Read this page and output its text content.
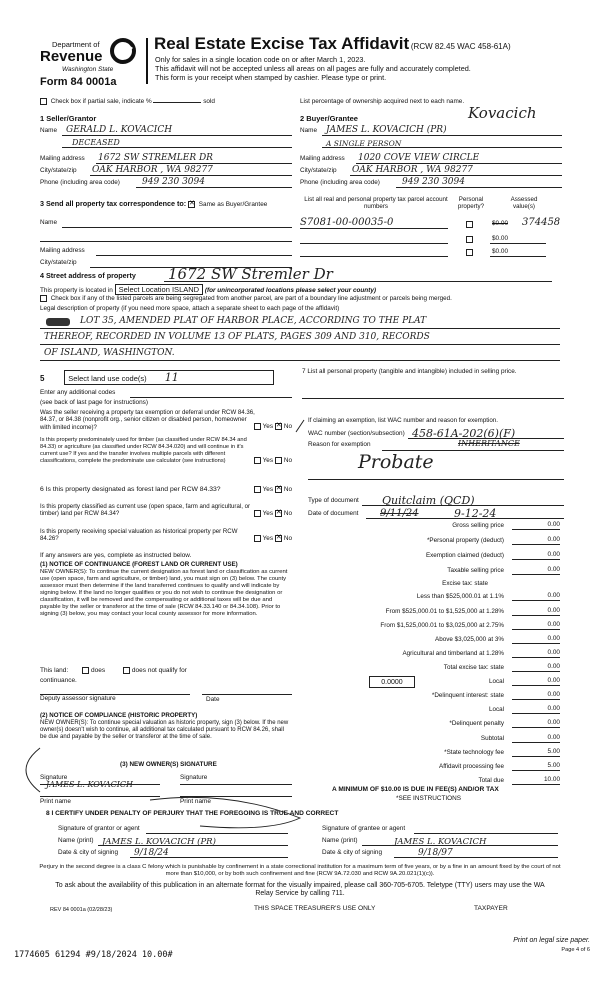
Department of
Revenue
Washington State
Form 84 0001a
Real Estate Excise Tax Affidavit (RCW 82.45 WAC 458-61A)
Only for sales in a single location code on or after March 1, 2023.
This affidavit will not be accepted unless all areas on all pages are fully and accurately completed.
This form is your receipt when stamped by cashier. Please type or print.
Check box if partial sale, indicate %	sold	List percentage of ownership acquired next to each name.
1 Seller/Grantor
Name GERALD L. KOVACICH
DECEASED
Mailing address 1672 SW STREMLER DR
City/state/zip OAK HARBOR , WA 98277
Phone (including area code) 949 230 3094
Kovacich
2 Buyer/Grantee
Name JAMES L. KOVACICH (PR)
A SINGLE PERSON
Mailing address 1020 COVE VIEW CIRCLE
City/state/zip OAK HARBOR , WA 98277
Phone (including area code) 949 230 3094
3 Send all property tax correspondence to: ✕ Same as Buyer/Grantee
Name
Mailing address
City/state/zip
List all real and personal property tax parcel account numbers
Personal property?
Assessed value(s)
S7081-00-00035-0	$0.00 374458
$0.00
$0.00
4 Street address of property 1672 SW Stremler Dr
This property is located in Select Location ISLAND (for unincorporated locations please select your county)
Check box if any of the listed parcels are being segregated from another parcel, are part of a boundary line adjustment or parcels being merged.
Legal description of property (if you need more space, attach a separate sheet to each page of the affidavit)
LOT 35, AMENDED PLAT OF HARBOR PLACE, ACCORDING TO THE PLAT
THEREOF, RECORDED IN VOLUME 13 OF PLATS, PAGES 309 AND 310, RECORDS
OF ISLAND, WASHINGTON.
5	Select land use code(s) 11
Enter any additional codes
(see back of last page for instructions)
Was the seller receiving a property tax exemption or deferral under RCW 84.36, 84.37, or 84.38 (nonprofit org., senior citizen or disabled person, homeowner with limited income)?	Yes ✕ No
Is this property predominately used for timber (as classified under RCW 84.34 and 84.33) or agriculture (as classified under RCW 84.34.020) and will continue in it's current use? If yes and the transfer involves multiple parcels with different classifications, complete the predominate use calculator (see instructions)	Yes No
6 Is this property designated as forest land per RCW 84.33?	Yes ✕ No
Is this property classified as current use (open space, farm and agricultural, or timber) land per RCW 84.34?	Yes ✕ No
Is this property receiving special valuation as historical property per RCW 84.26?	Yes ✕ No
If any answers are yes, complete as instructed below.
(1) NOTICE OF CONTINUANCE (FOREST LAND OR CURRENT USE)
NEW OWNER(S): To continue the current designation as forest land or classification as current use (open space, farm and agriculture, or timber) land, you must sign on (3) below. The county assessor must then determine if the land transferred continues to qualify and will indicate by signing below. If the land no longer qualifies or you do not wish to continue the designation or classification, it will be removed and the compensating or additional taxes will be due and payable by the seller or transferor at the time of sale (RCW 84.33.140 or 84.34.108). Prior to signing (3) below, you may contact your local county assessor for more information.
This land:	does	does not qualify for
continuance.
Deputy assessor signature	Date
(2) NOTICE OF COMPLIANCE (HISTORIC PROPERTY)
NEW OWNER(S): To continue special valuation as historic property, sign (3) below. If the new owner(s) doesn't wish to continue, all additional tax calculated pursuant to RCW 84.26, shall be due and payable by the seller or transferor at the time of sale.
(3) NEW OWNER(S) SIGNATURE
JAMES L. KOVACICH
Signature	Signature
Print name	Print name
7 List all personal property (tangible and intangible) included in selling price.
If claiming an exemption, list WAC number and reason for exemption.
WAC number (section/subsection) 458-61A-202(6)(F)
Reason for exemption	INHERITANCE
Probate
Type of document Quitclaim (QCD)
Date of document 9/11/24	9-12-24
Gross selling price	0.00
*Personal property (deduct)	0.00
Exemption claimed (deduct)	0.00
Taxable selling price	0.00
Excise tax: state
Less than $525,000.01 at 1.1%	0.00
From $525,000.01 to $1,525,000 at 1.28%	0.00
From $1,525,000.01 to $3,025,000 at 2.75%	0.00
Above $3,025,000 at 3%	0.00
Agricultural and timberland at 1.28%	0.00
Total excise tax: state	0.00
0.0000	Local	0.00
*Delinquent interest: state	0.00
Local	0.00
*Delinquent penalty	0.00
Subtotal	0.00
*State technology fee	5.00
Affidavit processing fee	5.00
Total due	10.00
A MINIMUM OF $10.00 IS DUE IN FEE(S) AND/OR TAX
*SEE INSTRUCTIONS
8 I CERTIFY UNDER PENALTY OF PERJURY THAT THE FOREGOING IS TRUE AND CORRECT
Signature of grantor or agent
Name (print) JAMES L. KOVACICH (PR)
Date & city of signing 9/18/24
Signature of grantee or agent
Name (print)	JAMES L. KOVACICH
Date & city of signing	9/18/97
Perjury in the second degree is a class C felony which is punishable by confinement in a state correctional institution for a maximum term of five years, or by a fine in an amount fixed by the court of not more than $10,000, or by both such confinement and fine (RCW 9A.72.030 and RCW 9A.20.021(1)(c)).
To ask about the availability of this publication in an alternate format for the visually impaired, please call 360-705-6705. Teletype (TTY) users may use the WA Relay Service by calling 711.
REV 84 0001a (02/28/23)	THIS SPACE TREASURER'S USE ONLY	TAXPAYER
Print on legal size paper.
Page 4 of 6
1774605 61294 #9/18/2024 10.00#
